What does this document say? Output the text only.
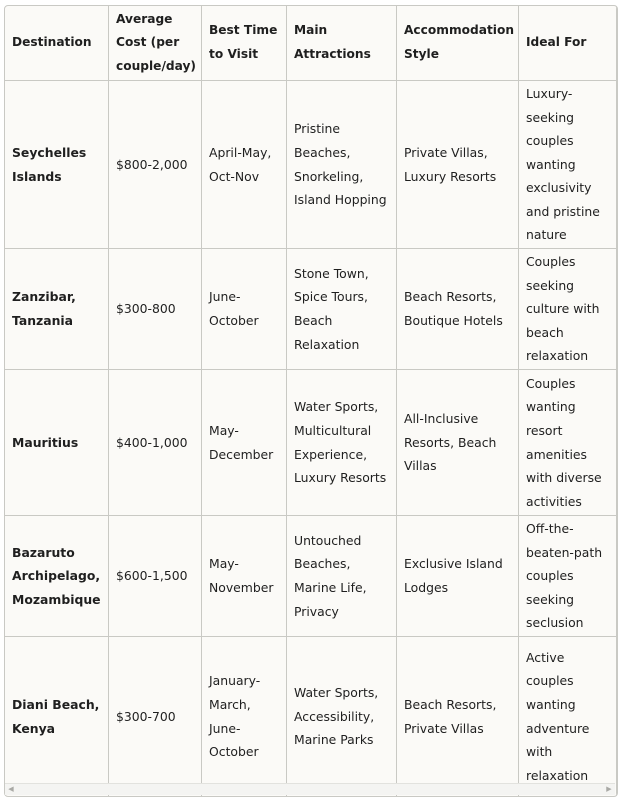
Destination	Average Cost (per couple/day)	Best Time to Visit	Main Attractions	Accommodation Style	Ideal For
Seychelles Islands	$800-2,000	April-May, Oct-Nov	Pristine Beaches, Snorkeling, Island Hopping	Private Villas, Luxury Resorts	Luxury-seeking couples wanting exclusivity and pristine nature
Zanzibar, Tanzania	$300-800	June-October	Stone Town, Spice Tours, Beach Relaxation	Beach Resorts, Boutique Hotels	Couples seeking culture with beach relaxation
Mauritius	$400-1,000	May-December	Water Sports, Multicultural Experience, Luxury Resorts	All-Inclusive Resorts, Beach Villas	Couples wanting resort amenities with diverse activities
Bazaruto Archipelago, Mozambique	$600-1,500	May-November	Untouched Beaches, Marine Life, Privacy	Exclusive Island Lodges	Off-the-beaten-path couples seeking seclusion
Diani Beach, Kenya	$300-700	January-March, June-October	Water Sports, Accessibility, Marine Parks	Beach Resorts, Private Villas	Active couples wanting adventure with relaxation
◀	▶
